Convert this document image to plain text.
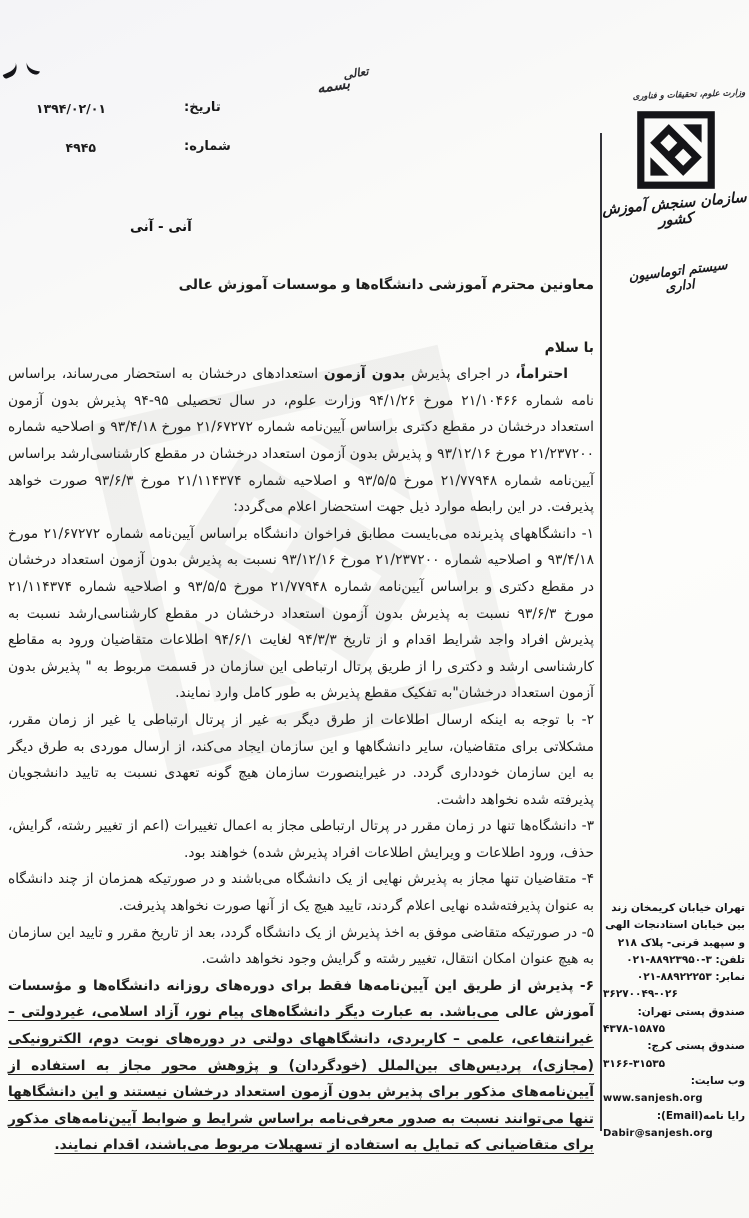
تعالی
بسمه
تاریخ:
۱۳۹۴/۰۲/۰۱
شماره:
۴۹۴۵
آنی - آنی
وزارت علوم، تحقیقات و فناوری
سازمان سنجش آموزش کشور
سیستم اتوماسیون اداری
تهران خیابان کریمخان زند
بین خیابان استادنجات الهی
و سپهبد قرنی- پلاک ۲۱۸
تلفن: ۳-۸۸۹۲۳۹۵۰-۰۲۱
نمابر: ۸۸۹۲۲۲۵۳-۰۲۱
۳۶۲۷۰۰۴۹-۰۲۶
صندوق پستی تهران:
۴۳۷۸-۱۵۸۷۵
صندوق پستی کرج:
۳۱۶۶-۳۱۵۳۵
وب سایت:
www.sanjesh.org
رایا نامه(Email):
Dabir@sanjesh.org
معاونین محترم آموزشی دانشگاه‌ها و موسسات آموزش عالی
با سلام

احتراماً، در اجرای پذیرش بدون آزمون استعدادهای درخشان به استحضار می‌رساند، براساس نامه شماره ۲۱/۱۰۴۶۶ مورخ ۹۴/۱/۲۶ وزارت علوم، در سال تحصیلی ۹۵-۹۴ پذیرش بدون آزمون استعداد درخشان در مقطع دکتری براساس آیین‌نامه شماره ۲۱/۶۷۲۷۲ مورخ ۹۳/۴/۱۸ و اصلاحیه شماره ۲۱/۲۳۷۲۰۰ مورخ ۹۳/۱۲/۱۶ و پذیرش بدون آزمون استعداد درخشان در مقطع کارشناسی‌ارشد براساس آیین‌نامه شماره ۲۱/۷۷۹۴۸ مورخ ۹۳/۵/۵ و اصلاحیه شماره ۲۱/۱۱۴۳۷۴ مورخ ۹۳/۶/۳ صورت خواهد پذیرفت. در این رابطه موارد ذیل جهت استحضار اعلام می‌گردد:

۱- دانشگاههای پذیرنده می‌بایست مطابق فراخوان دانشگاه براساس آیین‌نامه شماره ۲۱/۶۷۲۷۲ مورخ ۹۳/۴/۱۸ و اصلاحیه شماره ۲۱/۲۳۷۲۰۰ مورخ ۹۳/۱۲/۱۶ نسبت به پذیرش بدون آزمون استعداد درخشان در مقطع دکتری و براساس آیین‌نامه شماره ۲۱/۷۷۹۴۸ مورخ ۹۳/۵/۵ و اصلاحیه شماره ۲۱/۱۱۴۳۷۴ مورخ ۹۳/۶/۳ نسبت به پذیرش بدون آزمون استعداد درخشان در مقطع کارشناسی‌ارشد نسبت به پذیرش افراد واجد شرایط اقدام و از تاریخ ۹۴/۳/۳ لغایت ۹۴/۶/۱ اطلاعات متقاضیان ورود به مقاطع کارشناسی ارشد و دکتری را از طریق پرتال ارتباطی این سازمان در قسمت مربوط به " پذیرش بدون آزمون استعداد درخشان"به تفکیک مقطع پذیرش به طور کامل وارد نمایند.

۲- با توجه به اینکه ارسال اطلاعات از طرق دیگر به غیر از پرتال ارتباطی یا غیر از زمان مقرر، مشکلاتی برای متقاضیان، سایر دانشگاهها و این سازمان ایجاد می‌کند، از ارسال موردی به طرق دیگر به این سازمان خودداری گردد. در غیراینصورت سازمان هیچ گونه تعهدی نسبت به تایید دانشجویان پذیرفته شده نخواهد داشت.

۳- دانشگاه‌ها تنها در زمان مقرر در پرتال ارتباطی مجاز به اعمال تغییرات (اعم از تغییر رشته، گرایش، حذف، ورود اطلاعات و ویرایش اطلاعات افراد پذیرش شده) خواهند بود.

۴- متقاضیان تنها مجاز به پذیرش نهایی از یک دانشگاه می‌باشند و در صورتیکه همزمان از چند دانشگاه به عنوان پذیرفته‌شده نهایی اعلام گردند، تایید هیچ یک از آنها صورت نخواهد پذیرفت.

۵- در صورتیکه متقاضی موفق به اخذ پذیرش از یک دانشگاه گردد، بعد از تاریخ مقرر و تایید این سازمان به هیچ عنوان امکان انتقال، تغییر رشته و گرایش وجود نخواهد داشت.

۶- پذیرش از طریق این آیین‌نامه‌ها فقط برای دوره‌های روزانه دانشگاه‌ها و مؤسسات آموزش عالی می‌باشد. به عبارت دیگر دانشگاه‌های پیام نور، آزاد اسلامی، غیردولتی – غیرانتفاعی، علمی – کاربردی، دانشگاههای دولتی در دوره‌های نوبت دوم، الکترونیکی (مجازی)، پردیس‌های بین‌الملل (خودگردان) و پژوهش محور مجاز به استفاده از آیین‌نامه‌های مذکور برای پذیرش بدون آزمون استعداد درخشان نیستند و این دانشگاهها تنها می‌توانند نسبت به صدور معرفی‌نامه براساس شرایط و ضوابط آیین‌نامه‌های مذکور برای متقاضیانی که تمایل به استفاده از تسهیلات مربوط می‌باشند، اقدام نمایند.
